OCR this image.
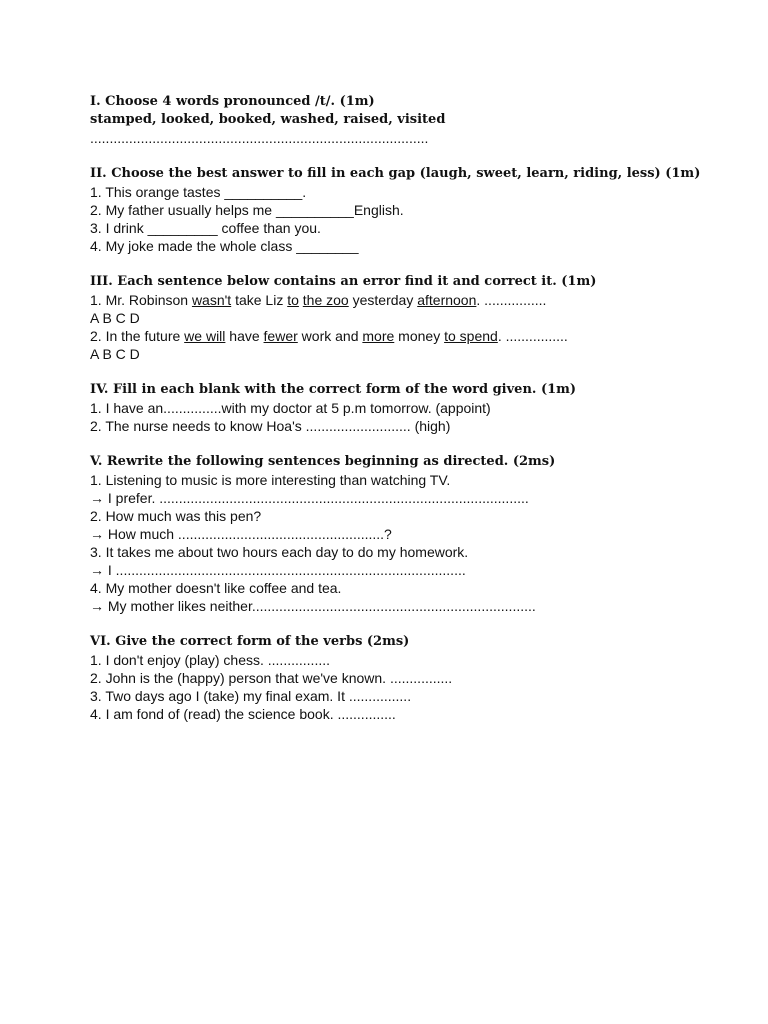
I. Choose 4 words pronounced /t/. (1m)
stamped, looked, booked, washed, raised, visited
.......................................................................................
II. Choose the best answer to fill in each gap (laugh, sweet, learn, riding, less) (1m)
1. This orange tastes __________.
2. My father usually helps me __________English.
3. I drink _________ coffee than you.
4. My joke made the whole class ________
III. Each sentence below contains an error find it and correct it. (1m)
1. Mr. Robinson wasn't take Liz to the zoo yesterday afternoon. ................
A B C D
2. In the future we will have fewer work and more money to spend. ................
A B C D
IV. Fill in each blank with the correct form of the word given. (1m)
1. I have an...............with my doctor at 5 p.m tomorrow. (appoint)
2. The nurse needs to know Hoa's ........................... (high)
V. Rewrite the following sentences beginning as directed. (2ms)
1. Listening to music is more interesting than watching TV.
→ I prefer. ...............................................................................................
2. How much was this pen?
→ How much .....................................................?
3. It takes me about two hours each day to do my homework.
→ I ..........................................................................................
4. My mother doesn't like coffee and tea.
→ My mother likes neither.........................................................................
VI. Give the correct form of the verbs (2ms)
1. I don't enjoy (play) chess. ................
2. John is the (happy) person that we've known. ................
3. Two days ago I (take) my final exam. It ................
4. I am fond of (read) the science book. ...............
